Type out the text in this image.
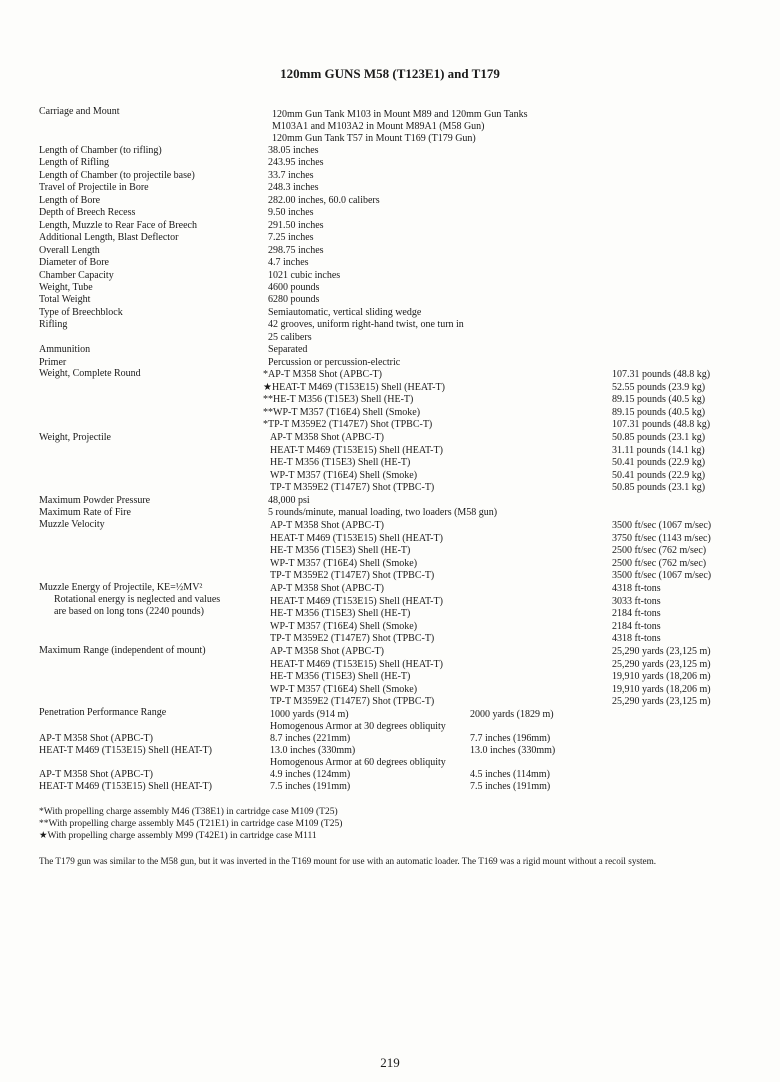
120mm GUNS M58 (T123E1) and T179
Carriage and Mount	120mm Gun Tank M103 in Mount M89 and 120mm Gun Tanks
M103A1 and M103A2 in Mount M89A1 (M58 Gun)
120mm Gun Tank T57 in Mount T169 (T179 Gun)
Length of Chamber (to rifling)	38.05 inches
Length of Rifling	243.95 inches
Length of Chamber (to projectile base)	33.7 inches
Travel of Projectile in Bore	248.3 inches
Length of Bore	282.00 inches, 60.0 calibers
Depth of Breech Recess	9.50 inches
Length, Muzzle to Rear Face of Breech	291.50 inches
Additional Length, Blast Deflector	7.25 inches
Overall Length	298.75 inches
Diameter of Bore	4.7 inches
Chamber Capacity	1021 cubic inches
Weight, Tube	4600 pounds
Total Weight	6280 pounds
Type of Breechblock	Semiautomatic, vertical sliding wedge
Rifling	42 grooves, uniform right-hand twist, one turn in
25 calibers
Ammunition	Separated
Primer	Percussion or percussion-electric
Weight, Complete Round	*AP-T M358 Shot (APBC-T)	107.31 pounds (48.8 kg)
★HEAT-T M469 (T153E15) Shell (HEAT-T)	52.55 pounds (23.9 kg)
**HE-T M356 (T15E3) Shell (HE-T)	89.15 pounds (40.5 kg)
**WP-T M357 (T16E4) Shell (Smoke)	89.15 pounds (40.5 kg)
*TP-T M359E2 (T147E7) Shot (TPBC-T)	107.31 pounds (48.8 kg)
Weight, Projectile	AP-T M358 Shot (APBC-T)	50.85 pounds (23.1 kg)
HEAT-T M469 (T153E15) Shell (HEAT-T)	31.11 pounds (14.1 kg)
HE-T M356 (T15E3) Shell (HE-T)	50.41 pounds (22.9 kg)
WP-T M357 (T16E4) Shell (Smoke)	50.41 pounds (22.9 kg)
TP-T M359E2 (T147E7) Shot (TPBC-T)	50.85 pounds (23.1 kg)
Maximum Powder Pressure	48,000 psi
Maximum Rate of Fire	5 rounds/minute, manual loading, two loaders (M58 gun)
Muzzle Velocity	AP-T M358 Shot (APBC-T)	3500 ft/sec (1067 m/sec)
HEAT-T M469 (T153E15) Shell (HEAT-T)	3750 ft/sec (1143 m/sec)
HE-T M356 (T15E3) Shell (HE-T)	2500 ft/sec (762 m/sec)
WP-T M357 (T16E4) Shell (Smoke)	2500 ft/sec (762 m/sec)
TP-T M359E2 (T147E7) Shot (TPBC-T)	3500 ft/sec (1067 m/sec)
Muzzle Energy of Projectile, KE=½MV²
Rotational energy is neglected and values
are based on long tons (2240 pounds)
AP-T M358 Shot (APBC-T)	4318 ft-tons
HEAT-T M469 (T153E15) Shell (HEAT-T)	3033 ft-tons
HE-T M356 (T15E3) Shell (HE-T)	2184 ft-tons
WP-T M357 (T16E4) Shell (Smoke)	2184 ft-tons
TP-T M359E2 (T147E7) Shot (TPBC-T)	4318 ft-tons
Maximum Range (independent of mount)	AP-T M358 Shot (APBC-T)	25,290 yards (23,125 m)
HEAT-T M469 (T153E15) Shell (HEAT-T)	25,290 yards (23,125 m)
HE-T M356 (T15E3) Shell (HE-T)	19,910 yards (18,206 m)
WP-T M357 (T16E4) Shell (Smoke)	19,910 yards (18,206 m)
TP-T M359E2 (T147E7) Shot (TPBC-T)	25,290 yards (23,125 m)
Penetration Performance Range	1000 yards (914 m)	2000 yards (1829 m)
Homogenous Armor at 30 degrees obliquity
AP-T M358 Shot (APBC-T)	8.7 inches (221mm)	7.7 inches (196mm)
HEAT-T M469 (T153E15) Shell (HEAT-T)	13.0 inches (330mm)	13.0 inches (330mm)
Homogenous Armor at 60 degrees obliquity
AP-T M358 Shot (APBC-T)	4.9 inches (124mm)	4.5 inches (114mm)
HEAT-T M469 (T153E15) Shell (HEAT-T)	7.5 inches (191mm)	7.5 inches (191mm)
*With propelling charge assembly M46 (T38E1) in cartridge case M109 (T25)
**With propelling charge assembly M45 (T21E1) in cartridge case M109 (T25)
★With propelling charge assembly M99 (T42E1) in cartridge case M111
The T179 gun was similar to the M58 gun, but it was inverted in the T169 mount for use with an automatic loader. The T169 was a rigid mount without a recoil system.
219
